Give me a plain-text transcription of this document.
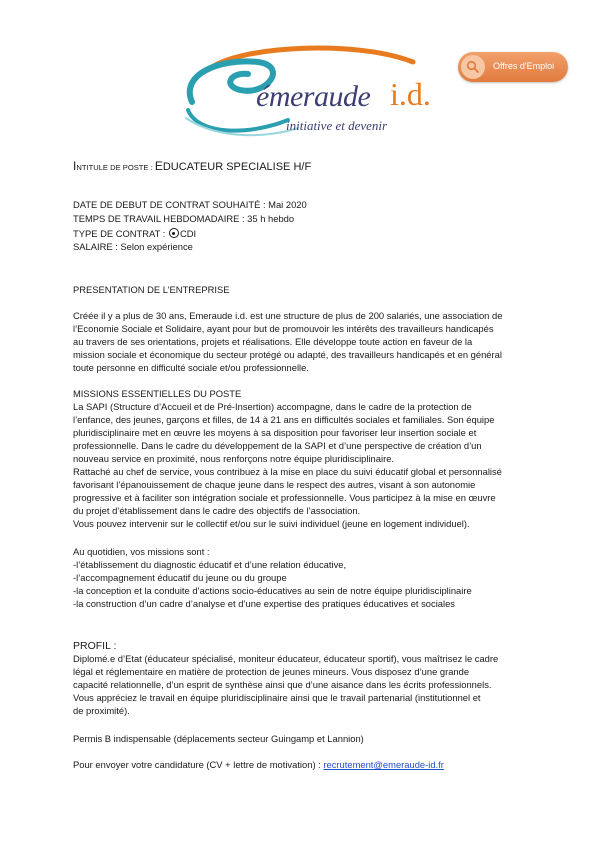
émeraude i.d.
initiative et devenir
Offres d'Emploi
INTITULE DE POSTE : EDUCATEUR SPECIALISE H/F
DATE DE DEBUT DE CONTRAT SOUHAITÉ : Mai 2020
TEMPS DE TRAVAIL HEBDOMADAIRE : 35 h hebdo
TYPE DE CONTRAT : CDI
SALAIRE : Selon expérience
PRESENTATION DE L’ENTREPRISE
Créée il y a plus de 30 ans, Emeraude i.d. est une structure de plus de 200 salariés, une association de
l’Economie Sociale et Solidaire, ayant pour but de promouvoir les intérêts des travailleurs handicapés
au travers de ses orientations, projets et réalisations. Elle développe toute action en faveur de la
mission sociale et économique du secteur protégé ou adapté, des travailleurs handicapés et en général
toute personne en difficulté sociale et/ou professionnelle.
MISSIONS ESSENTIELLES DU POSTE
La SAPI (Structure d’Accueil et de Pré-Insertion) accompagne, dans le cadre de la protection de
l’enfance, des jeunes, garçons et filles, de 14 à 21 ans en difficultés sociales et familiales. Son équipe
pluridisciplinaire met en œuvre les moyens à sa disposition pour favoriser leur insertion sociale et
professionnelle. Dans le cadre du développement de la SAPI et d’une perspective de création d’un
nouveau service en proximité, nous renforçons notre équipe pluridisciplinaire.
Rattaché au chef de service, vous contribuez à la mise en place du suivi éducatif global et personnalisé
favorisant l’épanouissement de chaque jeune dans le respect des autres, visant à son autonomie
progressive et à faciliter son intégration sociale et professionnelle. Vous participez à la mise en œuvre
du projet d’établissement dans le cadre des objectifs de l’association.
Vous pouvez intervenir sur le collectif et/ou sur le suivi individuel (jeune en logement individuel).
Au quotidien, vos missions sont :
-l’établissement du diagnostic éducatif et d’une relation éducative,
-l’accompagnement éducatif du jeune ou du groupe
-la conception et la conduite d’actions socio-éducatives au sein de notre équipe pluridisciplinaire
-la construction d’un cadre d’analyse et d’une expertise des pratiques éducatives et sociales
PROFIL :
Diplomé.e d’Etat (éducateur spécialisé, moniteur éducateur, éducateur sportif), vous maîtrisez le cadre
légal et réglementaire en matière de protection de jeunes mineurs. Vous disposez d’une grande
capacité relationnelle, d’un esprit de synthèse ainsi que d’une aisance dans les écrits professionnels.
Vous appréciez le travail en équipe pluridisciplinaire ainsi que le travail partenarial (institutionnel et
de proximité).
Permis B indispensable (déplacements secteur Guingamp et Lannion)
Pour envoyer votre candidature (CV + lettre de motivation) : recrutement@emeraude-id.fr
